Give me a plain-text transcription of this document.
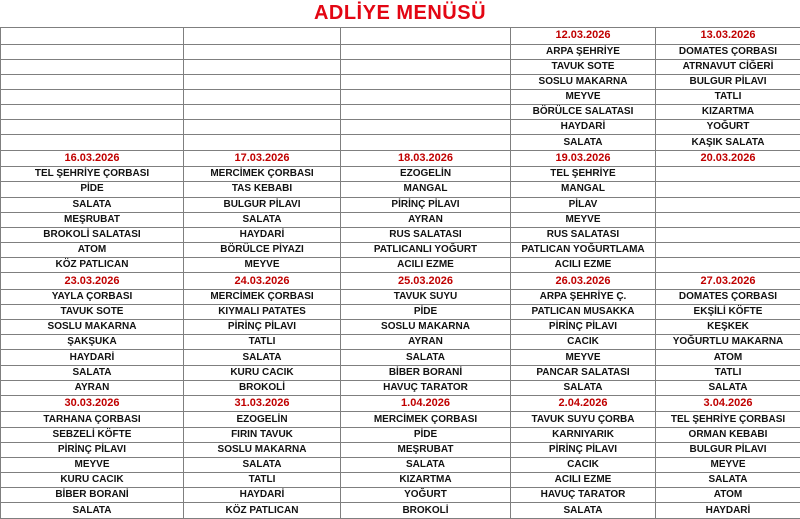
ADLİYE MENÜSÜ
			12.03.2026	13.03.2026
			ARPA ŞEHRİYE	DOMATES ÇORBASI
			TAVUK SOTE	ATRNAVUT CİĞERİ
			SOSLU MAKARNA	BULGUR PİLAVI
			MEYVE	TATLI
			BÖRÜLCE SALATASI	KIZARTMA
			HAYDARİ	YOĞURT
			SALATA	KAŞIK SALATA
16.03.2026	17.03.2026	18.03.2026	19.03.2026	20.03.2026
TEL ŞEHRİYE ÇORBASI	MERCİMEK ÇORBASI	EZOGELİN	TEL ŞEHRİYE	
PİDE	TAS KEBABI	MANGAL	MANGAL	
SALATA	BULGUR PİLAVI	PİRİNÇ PİLAVI	PİLAV	
MEŞRUBAT	SALATA	AYRAN	MEYVE	
BROKOLİ SALATASI	HAYDARİ	RUS SALATASI	RUS SALATASI	
ATOM	BÖRÜLCE PİYAZI	PATLICANLI YOĞURT	PATLICAN YOĞURTLAMA	
KÖZ PATLICAN	MEYVE	ACILI EZME	ACILI EZME	
23.03.2026	24.03.2026	25.03.2026	26.03.2026	27.03.2026
YAYLA ÇORBASI	MERCİMEK ÇORBASI	TAVUK SUYU	ARPA ŞEHRİYE Ç.	DOMATES ÇORBASI
TAVUK SOTE	KIYMALI PATATES	PİDE	PATLICAN MUSAKKA	EKŞİLİ KÖFTE
SOSLU MAKARNA	PİRİNÇ PİLAVI	SOSLU MAKARNA	PİRİNÇ PİLAVI	KEŞKEK
ŞAKŞUKA	TATLI	AYRAN	CACIK	YOĞURTLU MAKARNA
HAYDARİ	SALATA	SALATA	MEYVE	ATOM
SALATA	KURU CACIK	BİBER BORANİ	PANCAR SALATASI	TATLI
AYRAN	BROKOLİ	HAVUÇ TARATOR	SALATA	SALATA
30.03.2026	31.03.2026	1.04.2026	2.04.2026	3.04.2026
TARHANA ÇORBASI	EZOGELİN	MERCİMEK ÇORBASI	TAVUK SUYU ÇORBA	TEL ŞEHRİYE ÇORBASI
SEBZELİ KÖFTE	FIRIN TAVUK	PİDE	KARNIYARIK	ORMAN KEBABI
PİRİNÇ PİLAVI	SOSLU MAKARNA	MEŞRUBAT	PİRİNÇ PİLAVI	BULGUR PİLAVI
MEYVE	SALATA	SALATA	CACIK	MEYVE
KURU CACIK	TATLI	KIZARTMA	ACILI EZME	SALATA
BİBER BORANİ	HAYDARİ	YOĞURT	HAVUÇ TARATOR	ATOM
SALATA	KÖZ PATLICAN	BROKOLİ	SALATA	HAYDARİ
